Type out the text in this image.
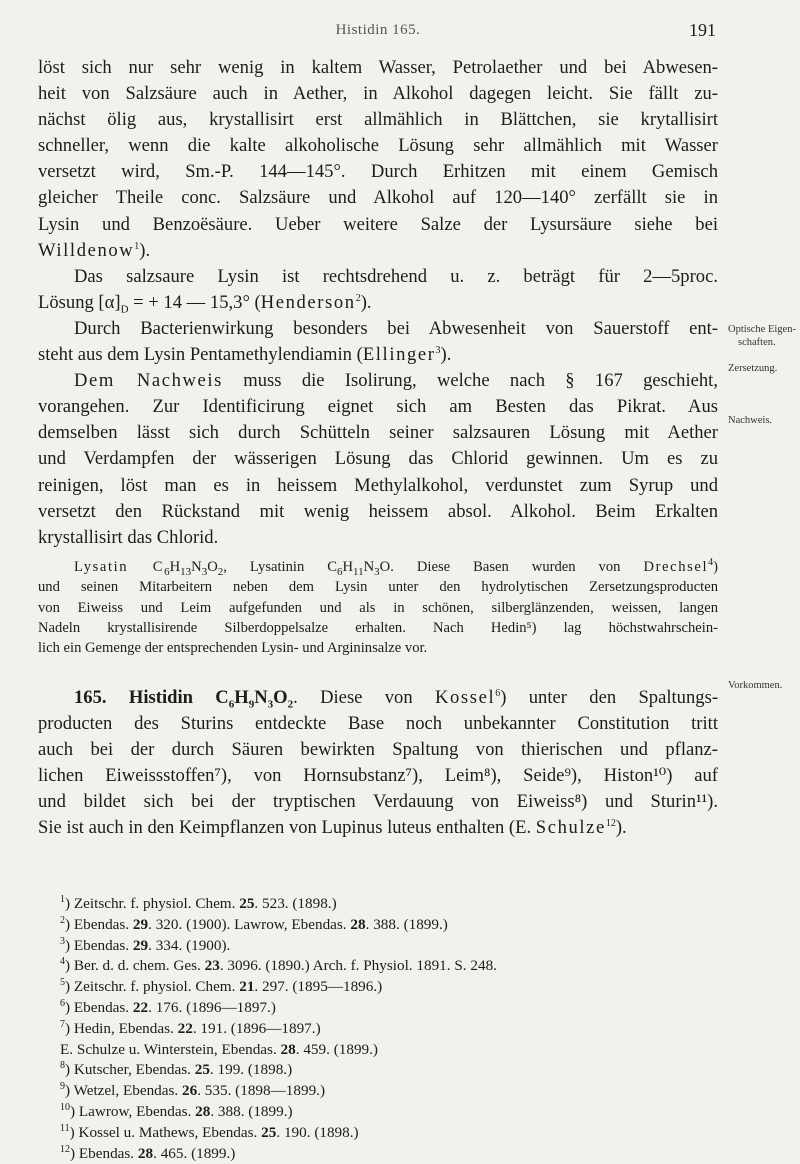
Histidin 165.	191
Optische Eigen-
schaften.
Zersetzung.
Nachweis.
Vorkommen.

löst sich nur sehr wenig in kaltem Wasser, Petrolaether und bei Abwesen-
heit von Salzsäure auch in Aether, in Alkohol dagegen leicht. Sie fällt zu-
nächst ölig aus, krystallisirt erst allmählich in Blättchen, sie krytallisirt
schneller, wenn die kalte alkoholische Lösung sehr allmählich mit Wasser
versetzt wird, Sm.-P. 144—145°. Durch Erhitzen mit einem Gemisch
gleicher Theile conc. Salzsäure und Alkohol auf 120—140° zerfällt sie in
Lysin und Benzoësäure. Ueber weitere Salze der Lysursäure siehe bei
Willdenow$^1$).

Das salzsaure Lysin ist rechtsdrehend u. z. beträgt für 2—5proc.
Lösung $[\alpha]_D$ = + 14 — 15,3° (Henderson$^2$).

Durch Bacterienwirkung besonders bei Abwesenheit von Sauerstoff ent-
steht aus dem Lysin Pentamethylendiamin (Ellinger$^3$).

Dem Nachweis muss die Isolirung, welche nach § 167 geschieht,
vorangehen. Zur Identificirung eignet sich am Besten das Pikrat. Aus
demselben lässt sich durch Schütteln seiner salzsauren Lösung mit Aether
und Verdampfen der wässerigen Lösung das Chlorid gewinnen. Um es zu
reinigen, löst man es in heissem Methylalkohol, verdunstet zum Syrup und
versetzt den Rückstand mit wenig heissem absol. Alkohol. Beim Erkalten
krystallisirt das Chlorid.

Lysatin $C_6H_{13}N_3O_2$, Lysatinin $C_6H_{11}N_3O$. Diese Basen wurden von Drechsel$^4$)
und seinen Mitarbeitern neben dem Lysin unter den hydrolytischen Zersetzungsproducten
von Eiweiss und Leim aufgefunden und als in schönen, silberglänzenden, weissen, langen
Nadeln krystallisirende Silberdoppelsalze erhalten. Nach Hedin⁵) lag höchstwahrschein-
lich ein Gemenge der entsprechenden Lysin- und Argininsalze vor.

165. Histidin $C_6H_9N_3O_2$. Diese von Kossel$^6$) unter den Spaltungs-
producten des Sturins entdeckte Base noch unbekannter Constitution tritt
auch bei der durch Säuren bewirkten Spaltung von thierischen und pflanz-
lichen Eiweissstoffen⁷), von Hornsubstanz⁷), Leim⁸), Seide⁹), Histon¹⁰) auf
und bildet sich bei der tryptischen Verdauung von Eiweiss⁸) und Sturin¹¹).
Sie ist auch in den Keimpflanzen von Lupinus luteus enthalten (E. Schulze$^{12}$).

$^1$) Zeitschr. f. physiol. Chem. 25. 523. (1898.)
$^2$) Ebendas. 29. 320. (1900). Lawrow, Ebendas. 28. 388. (1899.)
$^3$) Ebendas. 29. 334. (1900).
$^4$) Ber. d. d. chem. Ges. 23. 3096. (1890.) Arch. f. Physiol. 1891. S. 248.
$^5$) Zeitschr. f. physiol. Chem. 21. 297. (1895—1896.)
$^6$) Ebendas. 22. 176. (1896—1897.)
$^7$) Hedin, Ebendas. 22. 191. (1896—1897.)
E. Schulze u. Winterstein, Ebendas. 28. 459. (1899.)
$^8$) Kutscher, Ebendas. 25. 199. (1898.)
$^9$) Wetzel, Ebendas. 26. 535. (1898—1899.)
$^{10}$) Lawrow, Ebendas. 28. 388. (1899.)
$^{11}$) Kossel u. Mathews, Ebendas. 25. 190. (1898.)
$^{12}$) Ebendas. 28. 465. (1899.)
